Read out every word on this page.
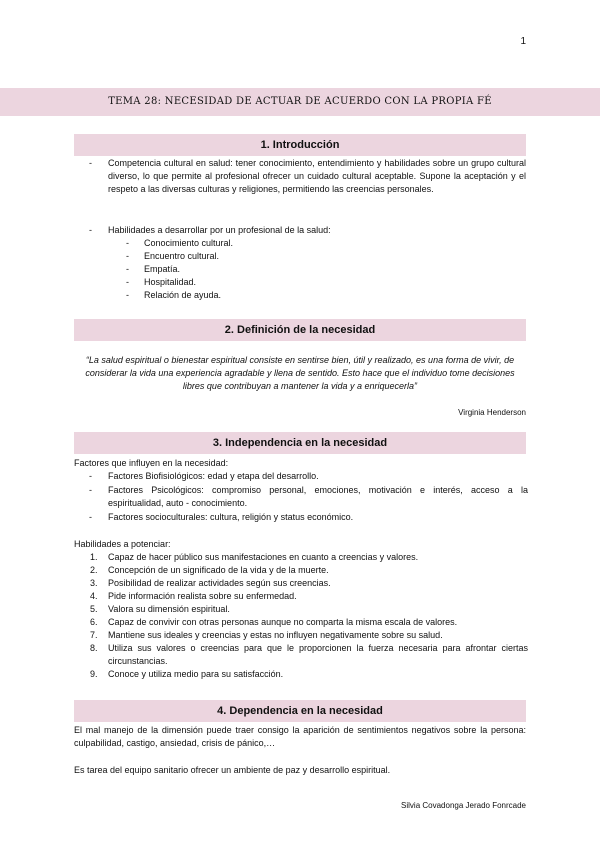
1
TEMA 28: NECESIDAD DE ACTUAR DE ACUERDO CON LA PROPIA FÉ
1. Introducción
- Competencia cultural en salud: tener conocimiento, entendimiento y habilidades sobre un grupo cultural diverso, lo que permite al profesional ofrecer un cuidado cultural aceptable. Supone la aceptación y el respeto a las diversas culturas y religiones, permitiendo las creencias personales.
- Habilidades a desarrollar por un profesional de la salud:
- Conocimiento cultural.
- Encuentro cultural.
- Empatía.
- Hospitalidad.
- Relación de ayuda.
2. Definición de la necesidad
“La salud espiritual o bienestar espiritual consiste en sentirse bien, útil y realizado, es una forma de vivir, de considerar la vida una experiencia agradable y llena de sentido. Esto hace que el individuo tome decisiones libres que contribuyan a mantener la vida y a enriquecerla”
Virginia Henderson
3. Independencia en la necesidad
Factores que influyen en la necesidad:
- Factores Biofisiológicos: edad y etapa del desarrollo.
- Factores Psicológicos: compromiso personal, emociones, motivación e interés, acceso a la espiritualidad, auto - conocimiento.
- Factores socioculturales: cultura, religión y status económico.
Habilidades a potenciar:
1. Capaz de hacer público sus manifestaciones en cuanto a creencias y valores.
2. Concepción de un significado de la vida y de la muerte.
3. Posibilidad de realizar actividades según sus creencias.
4. Pide información realista sobre su enfermedad.
5. Valora su dimensión espiritual.
6. Capaz de convivir con otras personas aunque no comparta la misma escala de valores.
7. Mantiene sus ideales y creencias y estas no influyen negativamente sobre su salud.
8. Utiliza sus valores o creencias para que le proporcionen la fuerza necesaria para afrontar ciertas circunstancias.
9. Conoce y utiliza medio para su satisfacción.
4. Dependencia en la necesidad
El mal manejo de la dimensión puede traer consigo la aparición de sentimientos negativos sobre la persona: culpabilidad, castigo, ansiedad, crisis de pánico,…
Es tarea del equipo sanitario ofrecer un ambiente de paz y desarrollo espiritual.
Silvia Covadonga Jerado Fonrcade
